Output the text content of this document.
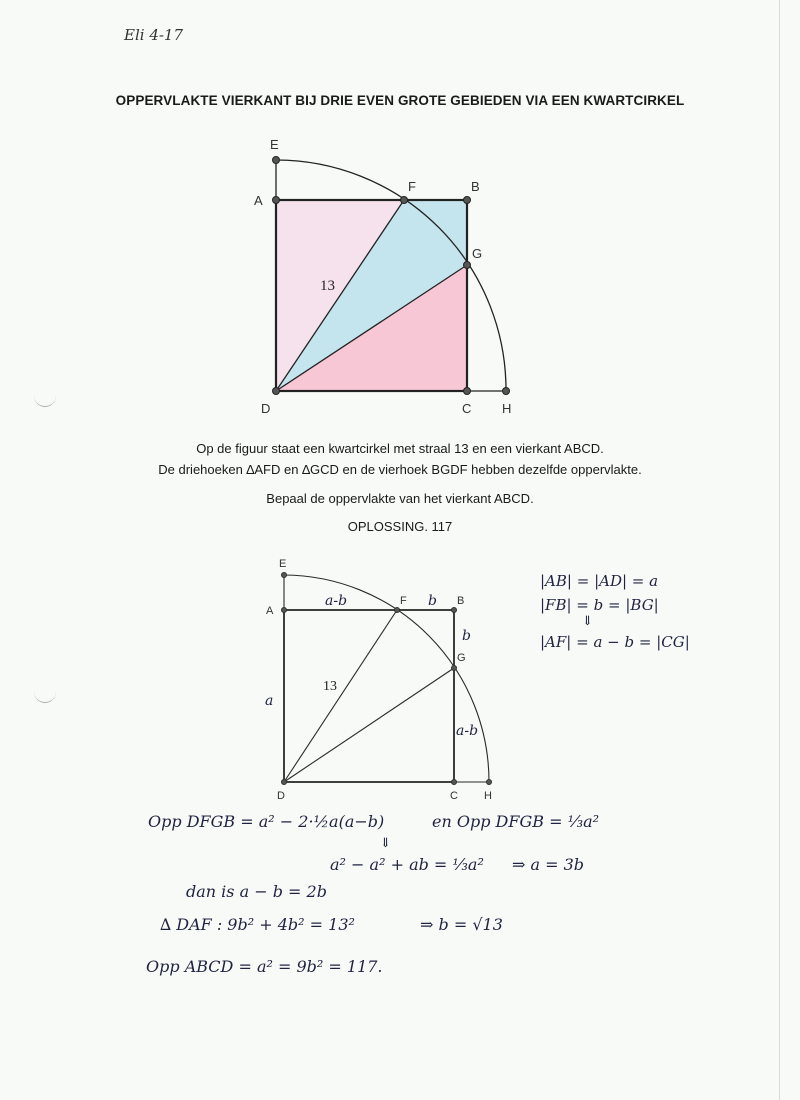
Eli 4-17
OPPERVLAKTE VIERKANT BIJ DRIE EVEN GROTE GEBIEDEN VIA EEN KWARTCIRKEL
E
A
F	B
G
D	C H
13
Op de figuur staat een kwartcirkel met straal 13 en een vierkant ABCD.
De driehoeken ∆AFD en ∆GCD en de vierhoek BGDF hebben dezelfde oppervlakte.
Bepaal de oppervlakte van het vierkant ABCD.
OPLOSSING. 117
E
A
F	B
G
D	C H
13
a-b	b
b
a
a-b
|AB| = |AD| = a
|FB| = b = |BG|
⇓
|AF| = a − b = |CG|
Opp DFGB = a² − 2·½a(a−b)	en Opp DFGB = ⅓a²
⇓
a² − a² + ab = ⅓a² ⇒ a = 3b
dan is a − b = 2b
∆ DAF : 9b² + 4b² = 13²	⇒ b = √13
Opp ABCD = a² = 9b² = 117.
